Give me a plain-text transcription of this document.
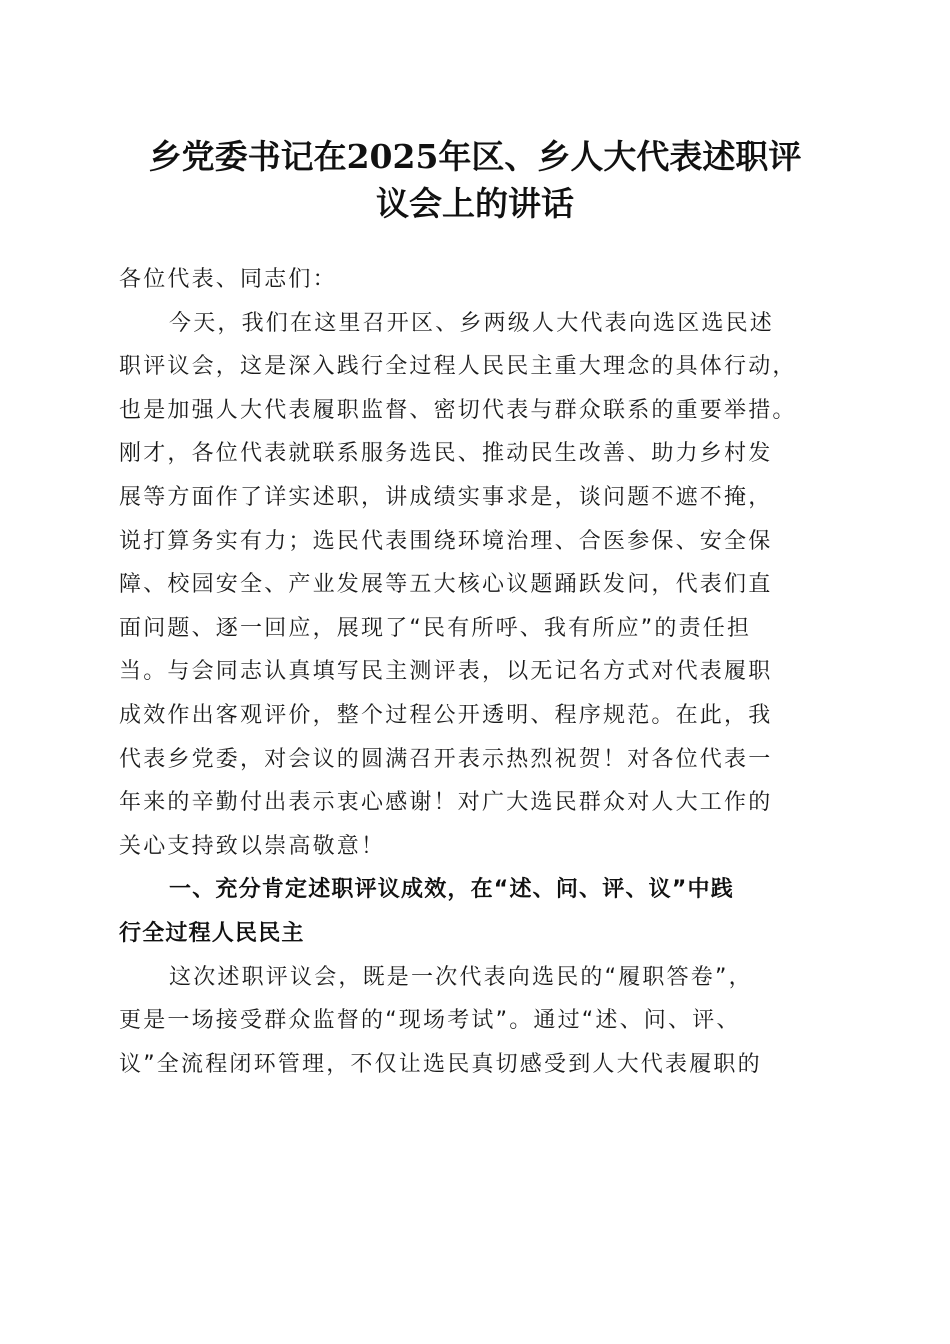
乡党委书记在2025年区、乡人大代表述职评
议会上的讲话
各位代表、同志们：
今天，我们在这里召开区、乡两级人大代表向选区选民述
职评议会，这是深入践行全过程人民民主重大理念的具体行动，
也是加强人大代表履职监督、密切代表与群众联系的重要举措。
刚才，各位代表就联系服务选民、推动民生改善、助力乡村发
展等方面作了详实述职，讲成绩实事求是，谈问题不遮不掩，
说打算务实有力；选民代表围绕环境治理、合医参保、安全保
障、校园安全、产业发展等五大核心议题踊跃发问，代表们直
面问题、逐一回应，展现了“民有所呼、我有所应”的责任担
当。与会同志认真填写民主测评表，以无记名方式对代表履职
成效作出客观评价，整个过程公开透明、程序规范。在此，我
代表乡党委，对会议的圆满召开表示热烈祝贺！对各位代表一
年来的辛勤付出表示衷心感谢！对广大选民群众对人大工作的
关心支持致以崇高敬意！
一、充分肯定述职评议成效，在“述、问、评、议”中践
行全过程人民民主
这次述职评议会，既是一次代表向选民的“履职答卷”，
更是一场接受群众监督的“现场考试”。通过“述、问、评、
议”全流程闭环管理，不仅让选民真切感受到人大代表履职的
